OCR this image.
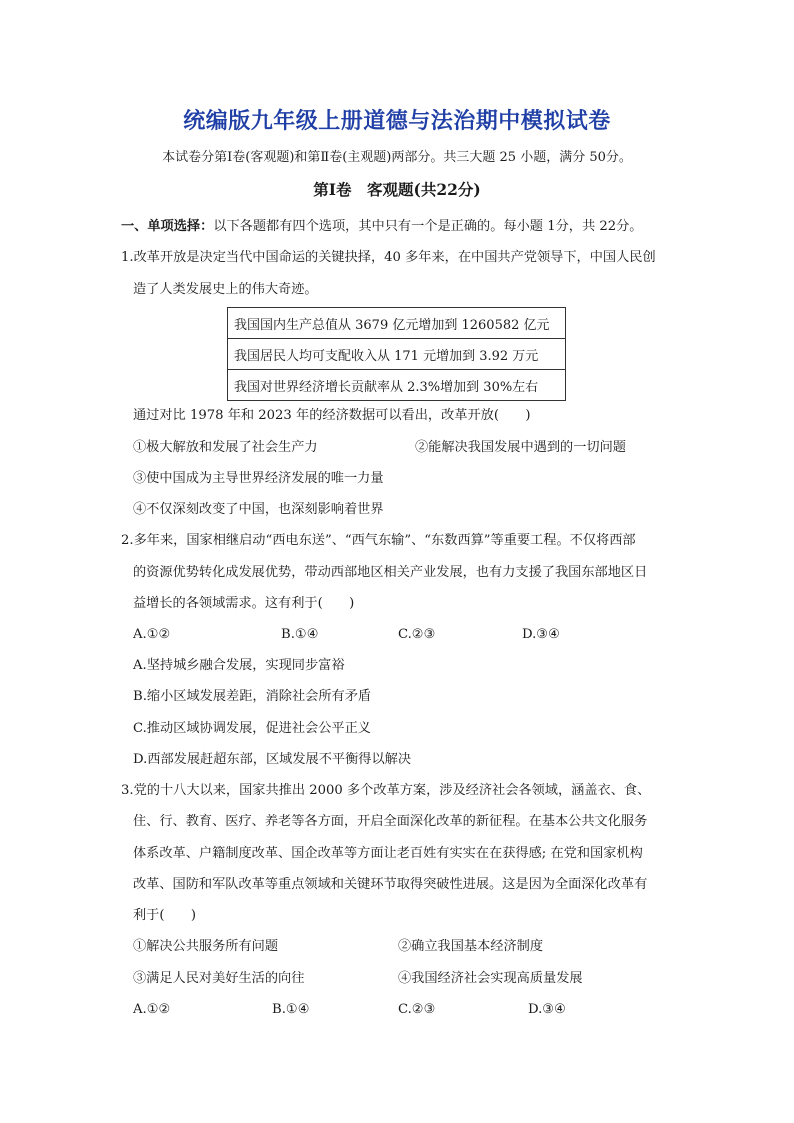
统编版九年级上册道德与法治期中模拟试卷
本试卷分第Ⅰ卷(客观题)和第Ⅱ卷(主观题)两部分。共三大题 25 小题，满分 50分。
第Ⅰ卷　客观题(共22分)
一、单项选择：以下各题都有四个选项，其中只有一个是正确的。每小题 1分，共 22分。
1.改革开放是决定当代中国命运的关键抉择，40 多年来，在中国共产党领导下，中国人民创
造了人类发展史上的伟大奇迹。
我国国内生产总值从 3679 亿元增加到 1260582 亿元
我国居民人均可支配收入从 171 元增加到 3.92 万元
我国对世界经济增长贡献率从 2.3%增加到 30%左右
通过对比 1978 年和 2023 年的经济数据可以看出，改革开放(　　)
①极大解放和发展了社会生产力	②能解决我国发展中遇到的一切问题
③使中国成为主导世界经济发展的唯一力量
④不仅深刻改变了中国，也深刻影响着世界
2.多年来，国家相继启动“西电东送”、“西气东输”、“东数西算”等重要工程。不仅将西部
的资源优势转化成发展优势，带动西部地区相关产业发展，也有力支援了我国东部地区日
益增长的各领域需求。这有利于(　　)
A.①②	B.①④	C.②③	D.③④
A.坚持城乡融合发展，实现同步富裕
B.缩小区域发展差距，消除社会所有矛盾
C.推动区域协调发展，促进社会公平正义
D.西部发展赶超东部，区域发展不平衡得以解决
3.党的十八大以来，国家共推出 2000 多个改革方案，涉及经济社会各领域，涵盖衣、食、
住、行、教育、医疗、养老等各方面，开启全面深化改革的新征程。在基本公共文化服务
体系改革、户籍制度改革、国企改革等方面让老百姓有实实在在获得感; 在党和国家机构
改革、国防和军队改革等重点领域和关键环节取得突破性进展。这是因为全面深化改革有
利于(　　)
①解决公共服务所有问题	②确立我国基本经济制度
③满足人民对美好生活的向往	④我国经济社会实现高质量发展
A.①②	B.①④	C.②③	D.③④
